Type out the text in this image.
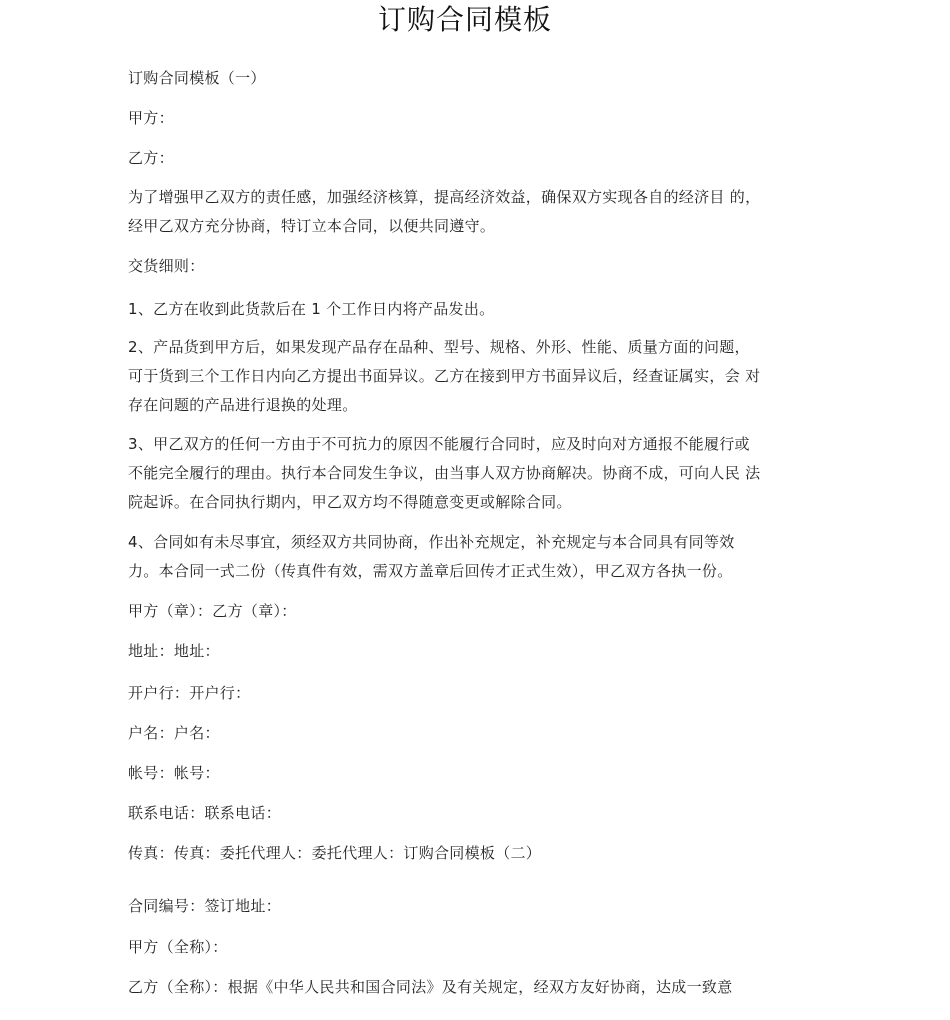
订购合同模板
订购合同模板（一）
甲方：
乙方：
为了增强甲乙双方的责任感，加强经济核算，提高经济效益，确保双方实现各自的经济目 的，
经甲乙双方充分协商，特订立本合同，以便共同遵守。
交货细则：
1、乙方在收到此货款后在 1 个工作日内将产品发出。
2、产品货到甲方后，如果发现产品存在品种、型号、规格、外形、性能、质量方面的问题，
可于货到三个工作日内向乙方提出书面异议。乙方在接到甲方书面异议后，经查证属实，会 对
存在问题的产品进行退换的处理。
3、甲乙双方的任何一方由于不可抗力的原因不能履行合同时，应及时向对方通报不能履行或
不能完全履行的理由。执行本合同发生争议，由当事人双方协商解决。协商不成，可向人民 法
院起诉。在合同执行期内，甲乙双方均不得随意变更或解除合同。
4、合同如有未尽事宜，须经双方共同协商，作出补充规定，补充规定与本合同具有同等效
力。本合同一式二份（传真件有效，需双方盖章后回传才正式生效），甲乙双方各执一份。
甲方（章）：乙方（章）：
地址：地址：
开户行：开户行：
户名：户名：
帐号：帐号：
联系电话：联系电话：
传真：传真：委托代理人：委托代理人：订购合同模板（二）
合同编号：签订地址：
甲方（全称）：
乙方（全称）：根据《中华人民共和国合同法》及有关规定，经双方友好协商，达成一致意
